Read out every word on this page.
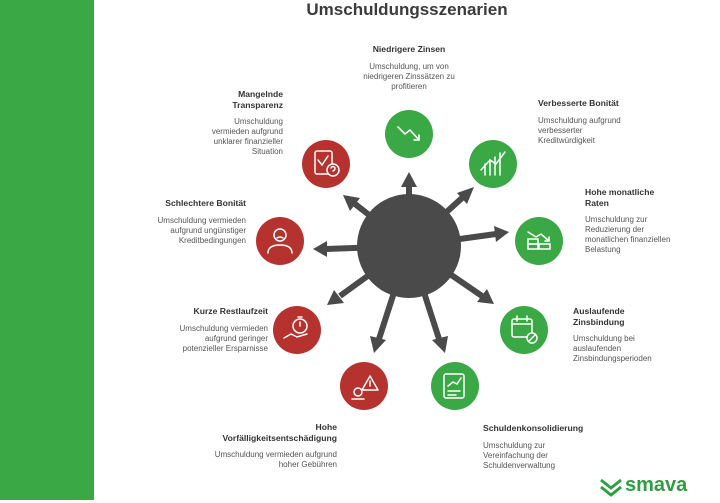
Umschuldungsszenarien
Niedrigere Zinsen
Umschuldung, um von niedrigeren Zinssätzen zu profitieren
Verbesserte Bonität
Umschuldung aufgrund verbesserter Kreditwürdigkeit
Hohe monatliche Raten
Umschuldung zur Reduzierung der monatlichen finanziellen Belastung
Auslaufende Zinsbindung
Umschuldung bei auslaufenden Zinsbindungsperioden
Schuldenkonsolidierung
Umschuldung zur Vereinfachung der Schuldenverwaltung
Hohe Vorfälligkeitsentschädigung
Umschuldung vermieden aufgrund hoher Gebühren
Kurze Restlaufzeit
Umschuldung vermieden aufgrund geringer potenzieller Ersparnisse
Schlechtere Bonität
Umschuldung vermieden aufgrund ungünstiger Kreditbedingungen
Mangelnde Transparenz
Umschuldung vermieden aufgrund unklarer finanzieller Situation
smava
